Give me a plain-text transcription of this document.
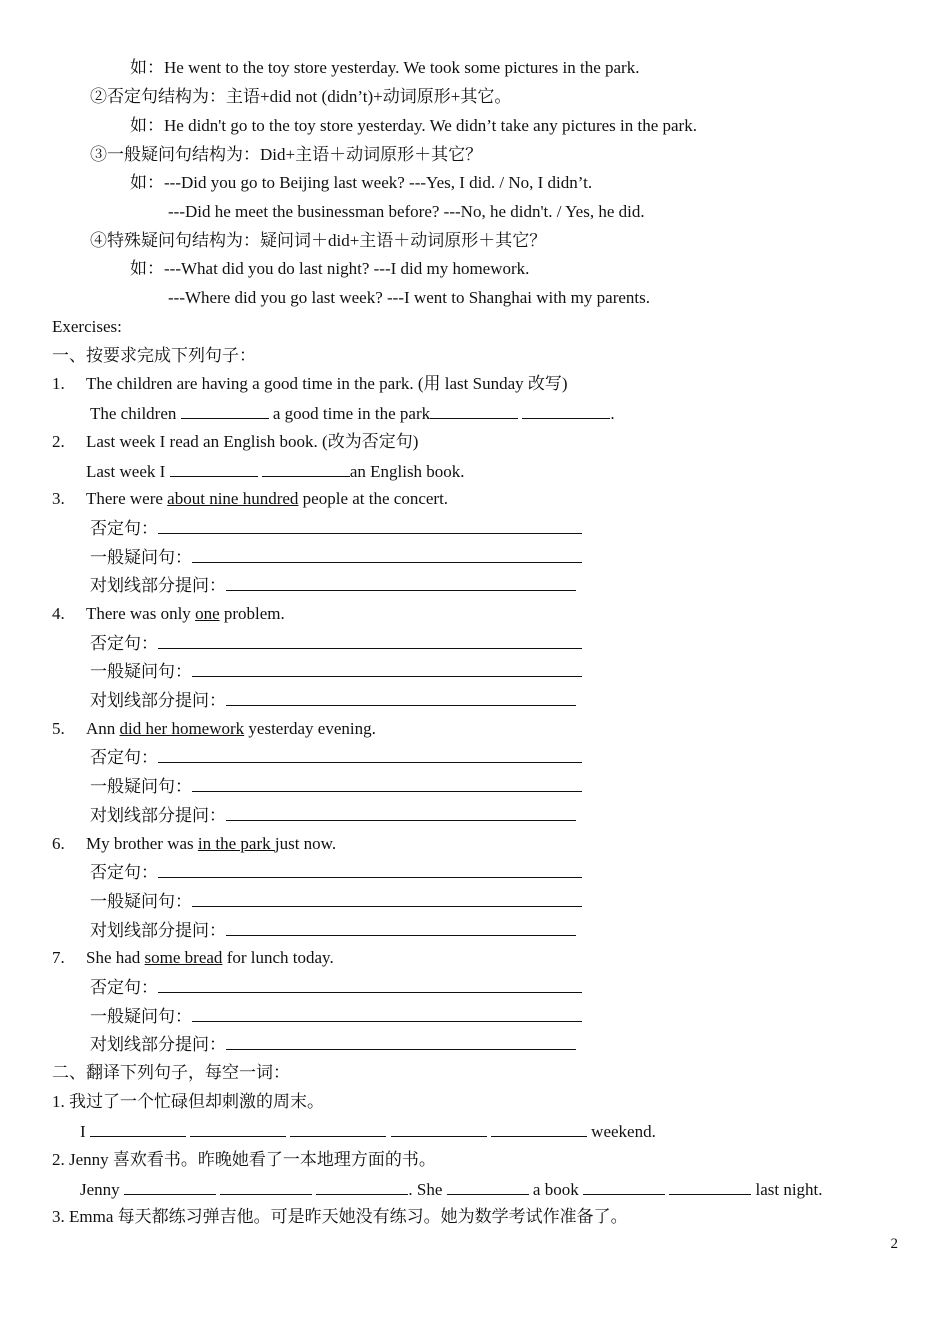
如：He went to the toy store yesterday. We took some pictures in the park.
②否定句结构为：主语+did not (didn’t)+动词原形+其它。
如：He didn't go to the toy store yesterday. We didn’t take any pictures in the park.
③一般疑问句结构为：Did+主语＋动词原形＋其它？
如：---Did you go to Beijing last week? ---Yes, I did. / No, I didn’t.
---Did he meet the businessman before? ---No, he didn't. / Yes, he did.
④特殊疑问句结构为：疑问词＋did+主语＋动词原形＋其它？
如：---What did you do last night? ---I did my homework.
---Where did you go last week? ---I went to Shanghai with my parents.
Exercises:
一、按要求完成下列句子：
1. The children are having a good time in the park. (用 last Sunday 改写)
The children	a good time in the park	.
2. Last week I read an English book. (改为否定句)
Last week I	an English book.
3. There were about nine hundred people at the concert.
否定句：
一般疑问句：
对划线部分提问：
4. There was only one problem.
否定句：
一般疑问句：
对划线部分提问：
5. Ann did her homework yesterday evening.
否定句：
一般疑问句：
对划线部分提问：
6. My brother was in the park just now.
否定句：
一般疑问句：
对划线部分提问：
7. She had some bread for lunch today.
否定句：
一般疑问句：
对划线部分提问：
二、翻译下列句子，每空一词：
1. 我过了一个忙碌但却刺激的周末。
I	weekend.
2. Jenny 喜欢看书。昨晚她看了一本地理方面的书。
Jenny	. She	a book	last night.
3. Emma 每天都练习弹吉他。可是昨天她没有练习。她为数学考试作准备了。
2
